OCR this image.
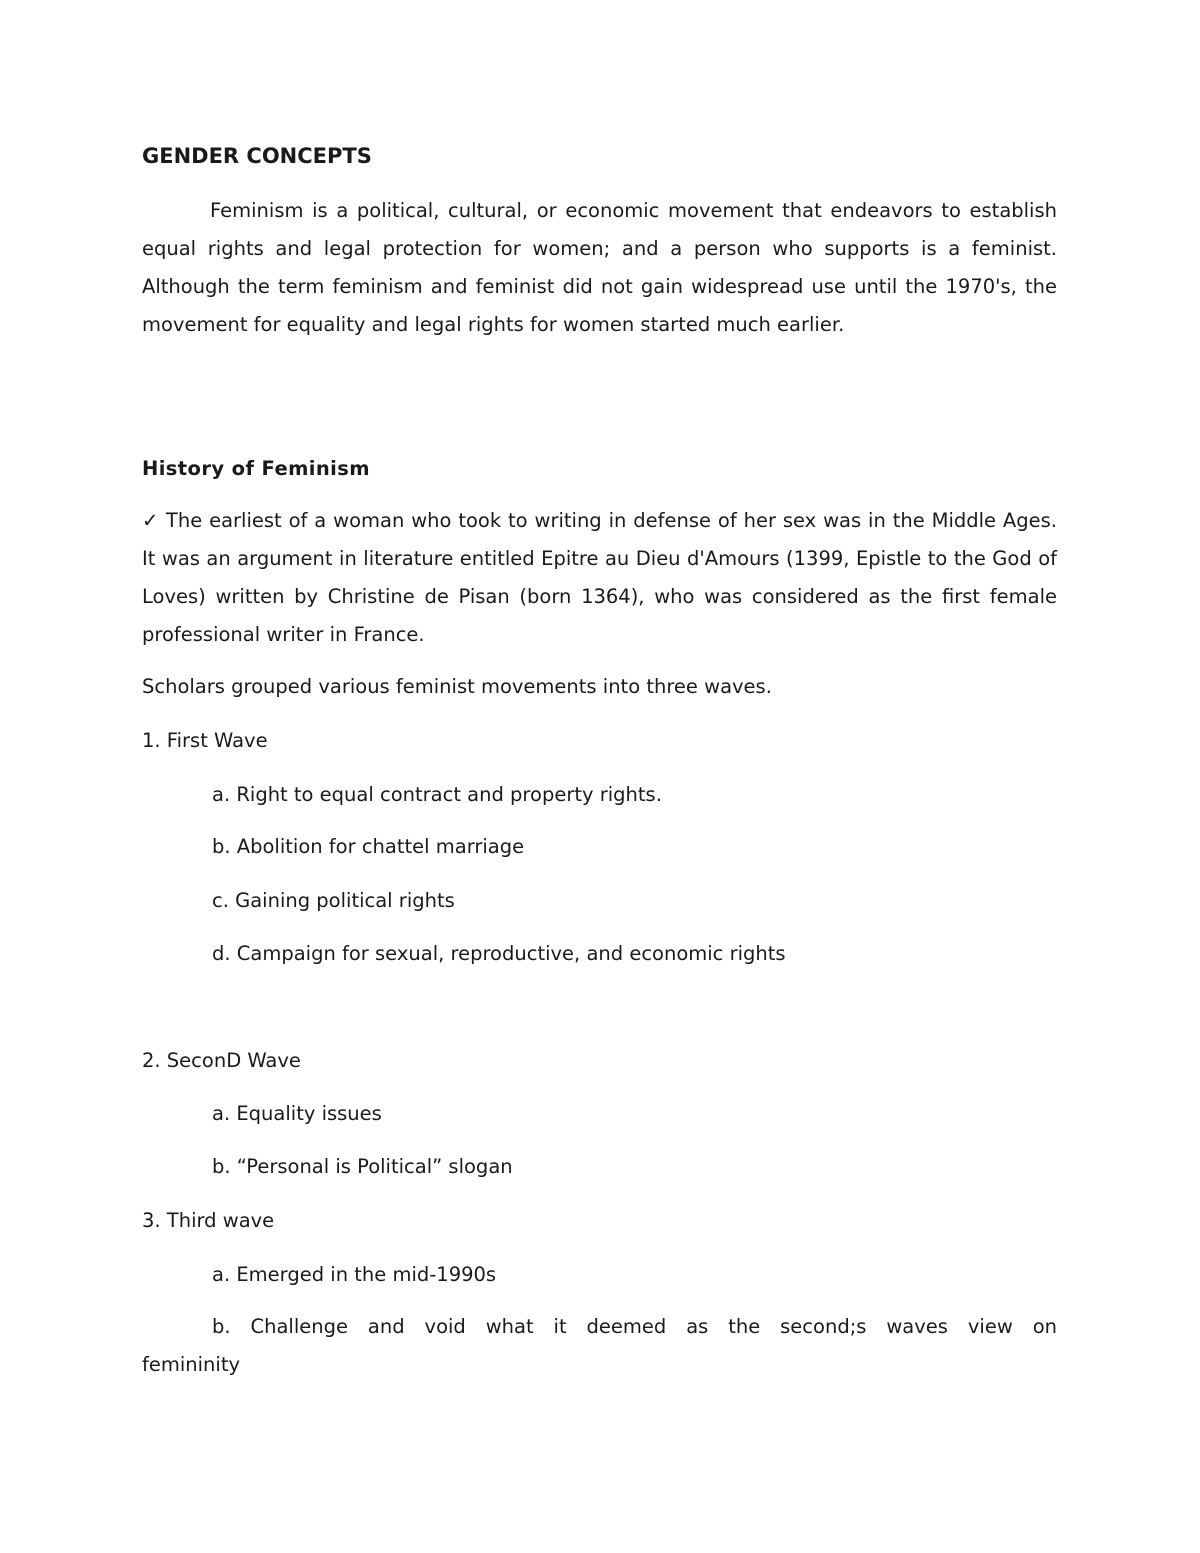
GENDER CONCEPTS

Feminism is a political, cultural, or economic movement that endeavors to establish equal rights and legal protection for women; and a person who supports is a feminist. Although the term feminism and feminist did not gain widespread use until the 1970's, the movement for equality and legal rights for women started much earlier.

History of Feminism

✓ The earliest of a woman who took to writing in defense of her sex was in the Middle Ages. It was an argument in literature entitled Epitre au Dieu d'Amours (1399, Epistle to the God of Loves) written by Christine de Pisan (born 1364), who was considered as the first female professional writer in France.

Scholars grouped various feminist movements into three waves.

1. First Wave

a. Right to equal contract and property rights.

b. Abolition for chattel marriage

c. Gaining political rights

d. Campaign for sexual, reproductive, and economic rights

2. SeconD Wave

a. Equality issues

b. “Personal is Political” slogan

3. Third wave

a. Emerged in the mid-1990s

b. Challenge and void what it deemed as the second;s waves view on femininity
